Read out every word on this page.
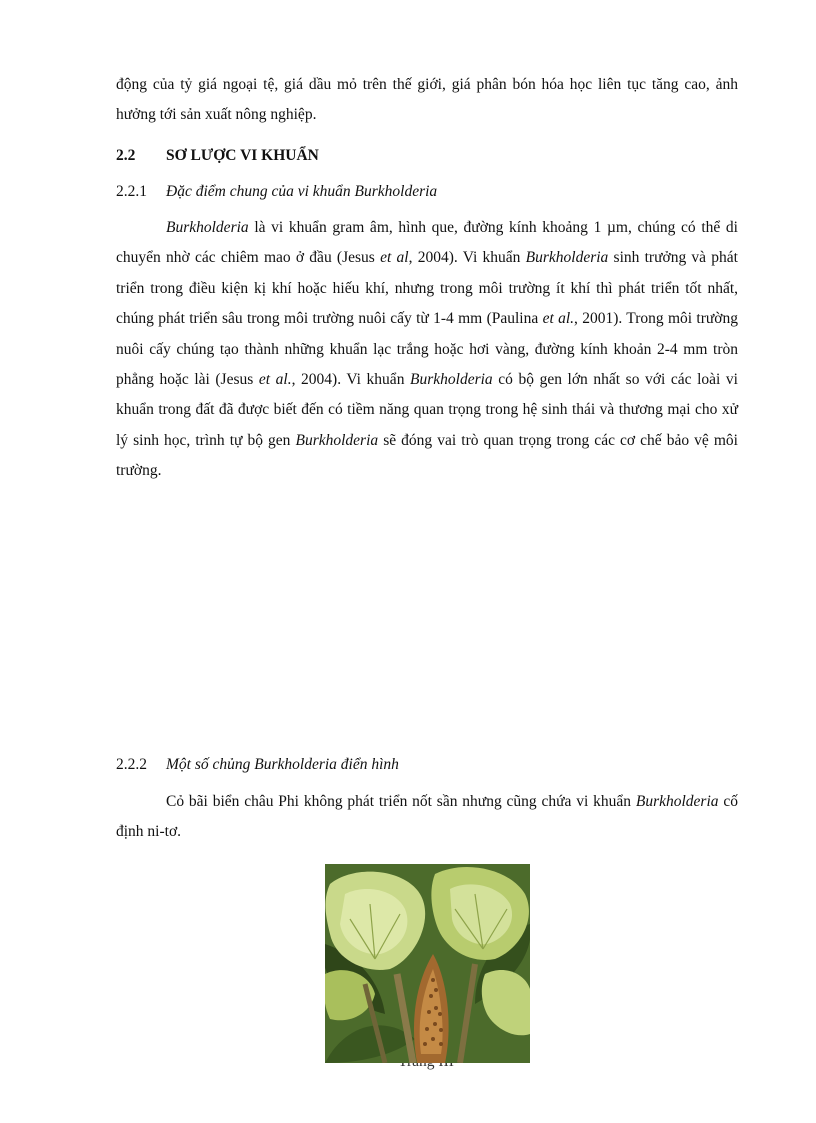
động của tỷ giá ngoại tệ, giá dầu mỏ trên thế giới, giá phân bón hóa học liên tục tăng cao, ảnh hưởng tới sản xuất nông nghiệp.

2.2 SƠ LƯỢC VI KHUẨN
2.2.1 Đặc điểm chung của vi khuẩn Burkholderia

Burkholderia là vi khuẩn gram âm, hình que, đường kính khoảng 1 µm, chúng có thể di chuyển nhờ các chiêm mao ở đầu (Jesus et al, 2004). Vi khuẩn Burkholderia sinh trưởng và phát triển trong điều kiện kị khí hoặc hiếu khí, nhưng trong môi trường ít khí thì phát triển tốt nhất, chúng phát triển sâu trong môi trường nuôi cấy từ 1-4 mm (Paulina et al., 2001). Trong môi trường nuôi cấy chúng tạo thành những khuẩn lạc trắng hoặc hơi vàng, đường kính khoản 2-4 mm tròn phẳng hoặc lài (Jesus et al., 2004). Vi khuẩn Burkholderia có bộ gen lớn nhất so với các loài vi khuẩn trong đất đã được biết đến có tiềm năng quan trọng trong hệ sinh thái và thương mại cho xử lý sinh học, trình tự bộ gen Burkholderia sẽ đóng vai trò quan trọng trong các cơ chế bảo vệ môi trường.

2.2.2 Một số chủng Burkholderia điển hình

Cỏ bãi biển châu Phi không phát triển nốt sần nhưng cũng chứa vi khuẩn Burkholderia cố định ni-tơ.
